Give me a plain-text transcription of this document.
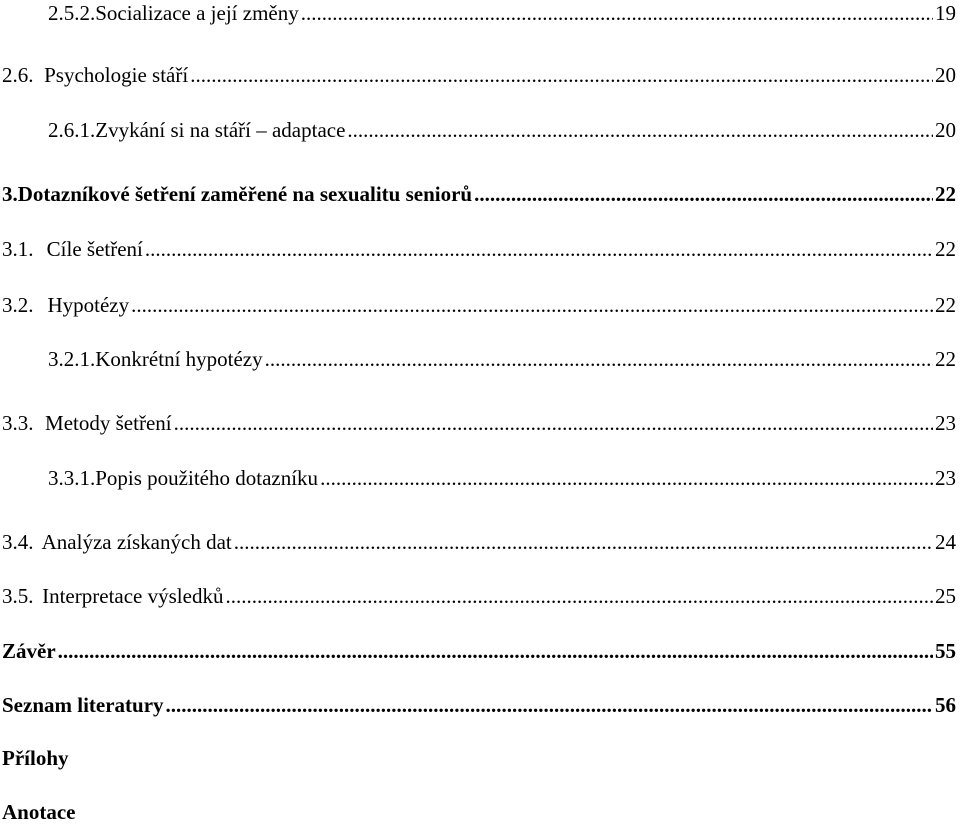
2.5.2. Socializace a její změny .....	19
2.6. Psychologie stáří .....	20
2.6.1. Zvykání si na stáří – adaptace .....	20
3. Dotazníkové šetření zaměřené na sexualitu seniorů .....	22
3.1. Cíle šetření .....	22
3.2. Hypotézy .....	22
3.2.1. Konkrétní hypotézy .....	22
3.3. Metody šetření .....	23
3.3.1. Popis použitého dotazníku .....	23
3.4. Analýza získaných dat .....	24
3.5. Interpretace výsledků .....	25
Závěr .....	55
Seznam literatury .....	56
Přílohy
Anotace
